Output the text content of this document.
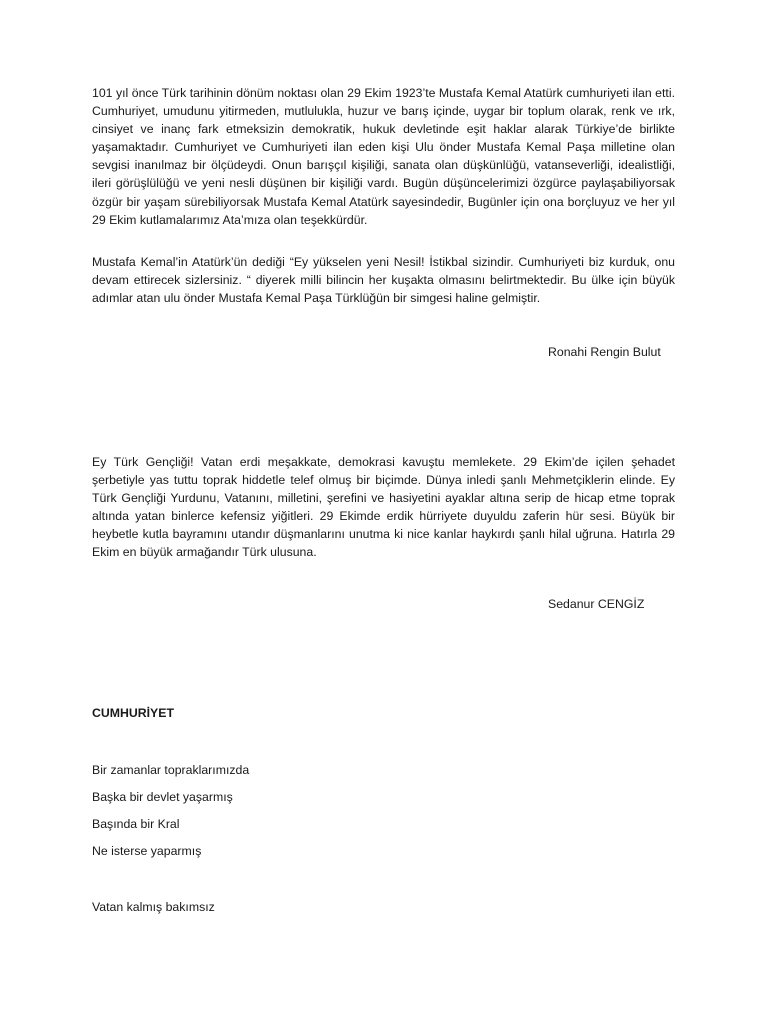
101 yıl önce Türk tarihinin dönüm noktası olan 29 Ekim 1923’te Mustafa Kemal Atatürk cumhuriyeti ilan etti. Cumhuriyet, umudunu yitirmeden, mutlulukla, huzur ve barış içinde, uygar bir toplum olarak, renk ve ırk, cinsiyet ve inanç fark etmeksizin demokratik, hukuk devletinde eşit haklar alarak Türkiye’de birlikte yaşamaktadır. Cumhuriyet ve Cumhuriyeti ilan eden kişi Ulu önder Mustafa Kemal Paşa milletine olan sevgisi inanılmaz bir ölçüdeydi. Onun barışçıl kişiliği, sanata olan düşkünlüğü, vatanseverliği, idealistliği, ileri görüşlülüğü ve yeni nesli düşünen bir kişiliği vardı. Bugün düşüncelerimizi özgürce paylaşabiliyorsak özgür bir yaşam sürebiliyorsak Mustafa Kemal Atatürk sayesindedir, Bugünler için ona borçluyuz ve her yıl 29 Ekim kutlamalarımız Ata’mıza olan teşekkürdür.

Mustafa Kemal’in Atatürk’ün dediği “Ey yükselen yeni Nesil! İstikbal sizindir. Cumhuriyeti biz kurduk, onu devam ettirecek sizlersiniz. “ diyerek milli bilincin her kuşakta olmasını belirtmektedir. Bu ülke için büyük adımlar atan ulu önder Mustafa Kemal Paşa Türklüğün bir simgesi haline gelmiştir.

Ronahi Rengin Bulut

Ey Türk Gençliği! Vatan erdi meşakkate, demokrasi kavuştu memlekete. 29 Ekim’de içilen şehadet şerbetiyle yas tuttu toprak hiddetle telef olmuş bir biçimde. Dünya inledi şanlı Mehmetçiklerin elinde. Ey Türk Gençliği Yurdunu, Vatanını, milletini, şerefini ve hasiyetini ayaklar altına serip de hicap etme toprak altında yatan binlerce kefensiz yiğitleri. 29 Ekimde erdik hürriyete duyuldu zaferin hür sesi. Büyük bir heybetle kutla bayramını utandır düşmanlarını unutma ki nice kanlar haykırdı şanlı hilal uğruna. Hatırla 29 Ekim en büyük armağandır Türk ulusuna.

Sedanur CENGİZ
CUMHURİYET
Bir zamanlar topraklarımızda
Başka bir devlet yaşarmış
Başında bir Kral
Ne isterse yaparmış
Vatan kalmış bakımsız
